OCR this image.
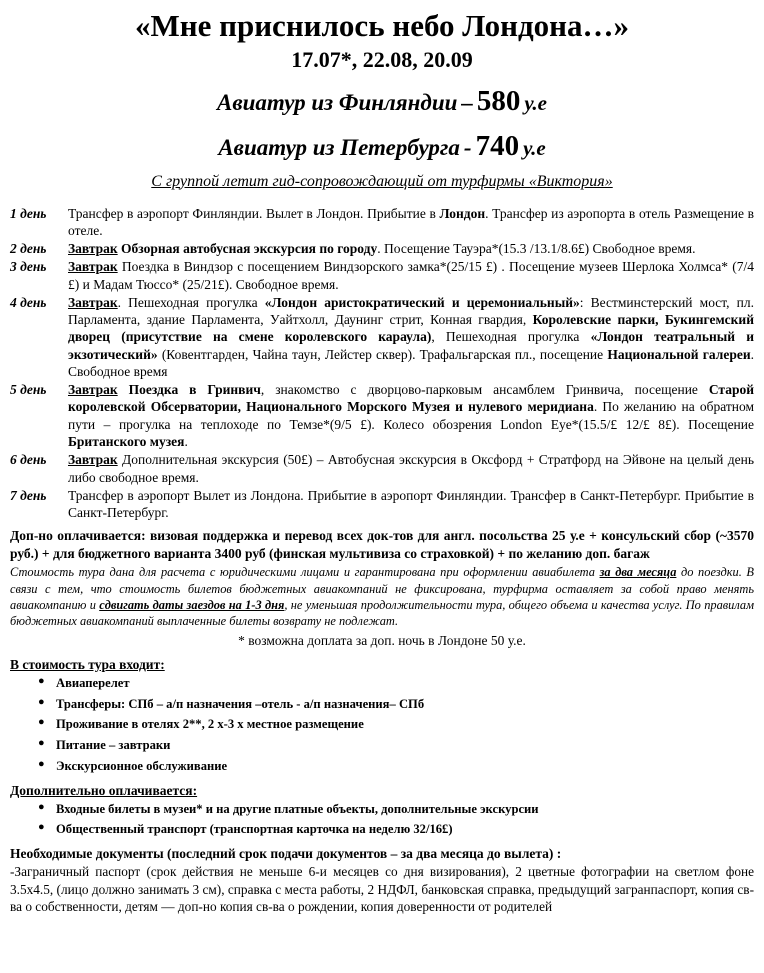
«Мне приснилось небо Лондона…»
17.07*, 22.08, 20.09
Авиатур из Финляндии – 580 у.е
Авиатур из Петербурга - 740 у.е
С группой летит гид-сопровождающий от турфирмы «Виктория»
1 день	Трансфер в аэропорт Финляндии. Вылет в Лондон. Прибытие в Лондон. Трансфер из аэропорта в отель Размещение в отеле.
2 день	Завтрак Обзорная автобусная экскурсия по городу. Посещение Тауэра*(15.3 /13.1/8.6£) Свободное время.
3 день	Завтрак Поездка в Виндзор с посещением Виндзорского замка*(25/15 £) . Посещение музеев Шерлока Холмса* (7/4 £) и Мадам Тюссо* (25/21£). Свободное время.
4 день	Завтрак. Пешеходная прогулка «Лондон аристократический и церемониальный»: Вестминстерский мост, пл. Парламента, здание Парламента, Уайтхолл, Даунинг стрит, Конная гвардия, Королевские парки, Букингемский дворец (присутствие на смене королевского караула), Пешеходная прогулка «Лондон театральный и экзотический» (Ковентгарден, Чайна таун, Лейстер сквер). Трафальгарская пл., посещение Национальной галереи. Свободное время
5 день	Завтрак Поездка в Гринвич, знакомство с дворцово-парковым ансамблем Гринвича, посещение Старой королевской Обсерватории, Национального Морского Музея и нулевого меридиана. По желанию на обратном пути – прогулка на теплоходе по Темзе*(9/5 £). Колесо обозрения London Eye*(15.5/£ 12/£ 8£). Посещение Британского музея.
6 день	Завтрак Дополнительная экскурсия (50£) – Автобусная экскурсия в Оксфорд + Стратфорд на Эйвоне на целый день либо свободное время.
7 день	Трансфер в аэропорт Вылет из Лондона. Прибытие в аэропорт Финляндии. Трансфер в Санкт-Петербург. Прибытие в Санкт-Петербург.
Доп-но оплачивается: визовая поддержка и перевод всех док-тов для англ. посольства 25 у.е + консульский сбор (~3570 руб.) + для бюджетного варианта 3400 руб (финская мультивиза со страховкой) + по желанию доп. багаж
Стоимость тура дана для расчета с юридическими лицами и гарантирована при оформлении авиабилета за два месяца до поездки. В связи с тем, что стоимость билетов бюджетных авиакомпаний не фиксирована, турфирма оставляет за собой право менять авиакомпанию и сдвигать даты заездов на 1-3 дня, не уменьшая продолжительности тура, общего объема и качества услуг. По правилам бюджетных авиакомпаний выплаченные билеты возврату не подлежат.
* возможна доплата за доп. ночь в Лондоне 50 у.е.
В стоимость тура входит:
● Авиаперелет
● Трансферы: СПб – а/п назначения –отель - а/п назначения– СПб
● Проживание в отелях 2**, 2 х-3 х местное размещение
● Питание – завтраки
● Экскурсионное обслуживание
Дополнительно оплачивается:
● Входные билеты в музеи* и на другие платные объекты, дополнительные экскурсии
● Общественный транспорт (транспортная карточка на неделю 32/16£)
Необходимые документы (последний срок подачи документов – за два месяца до вылета) :
-Заграничный паспорт (срок действия не меньше 6-и месяцев со дня визирования), 2 цветные фотографии на светлом фоне 3.5х4.5, (лицо должно занимать 3 см), справка с места работы, 2 НДФЛ, банковская справка, предыдущий загранпаспорт, копия св-ва о собственности, детям — доп-но копия св-ва о рождении, копия доверенности от родителей
